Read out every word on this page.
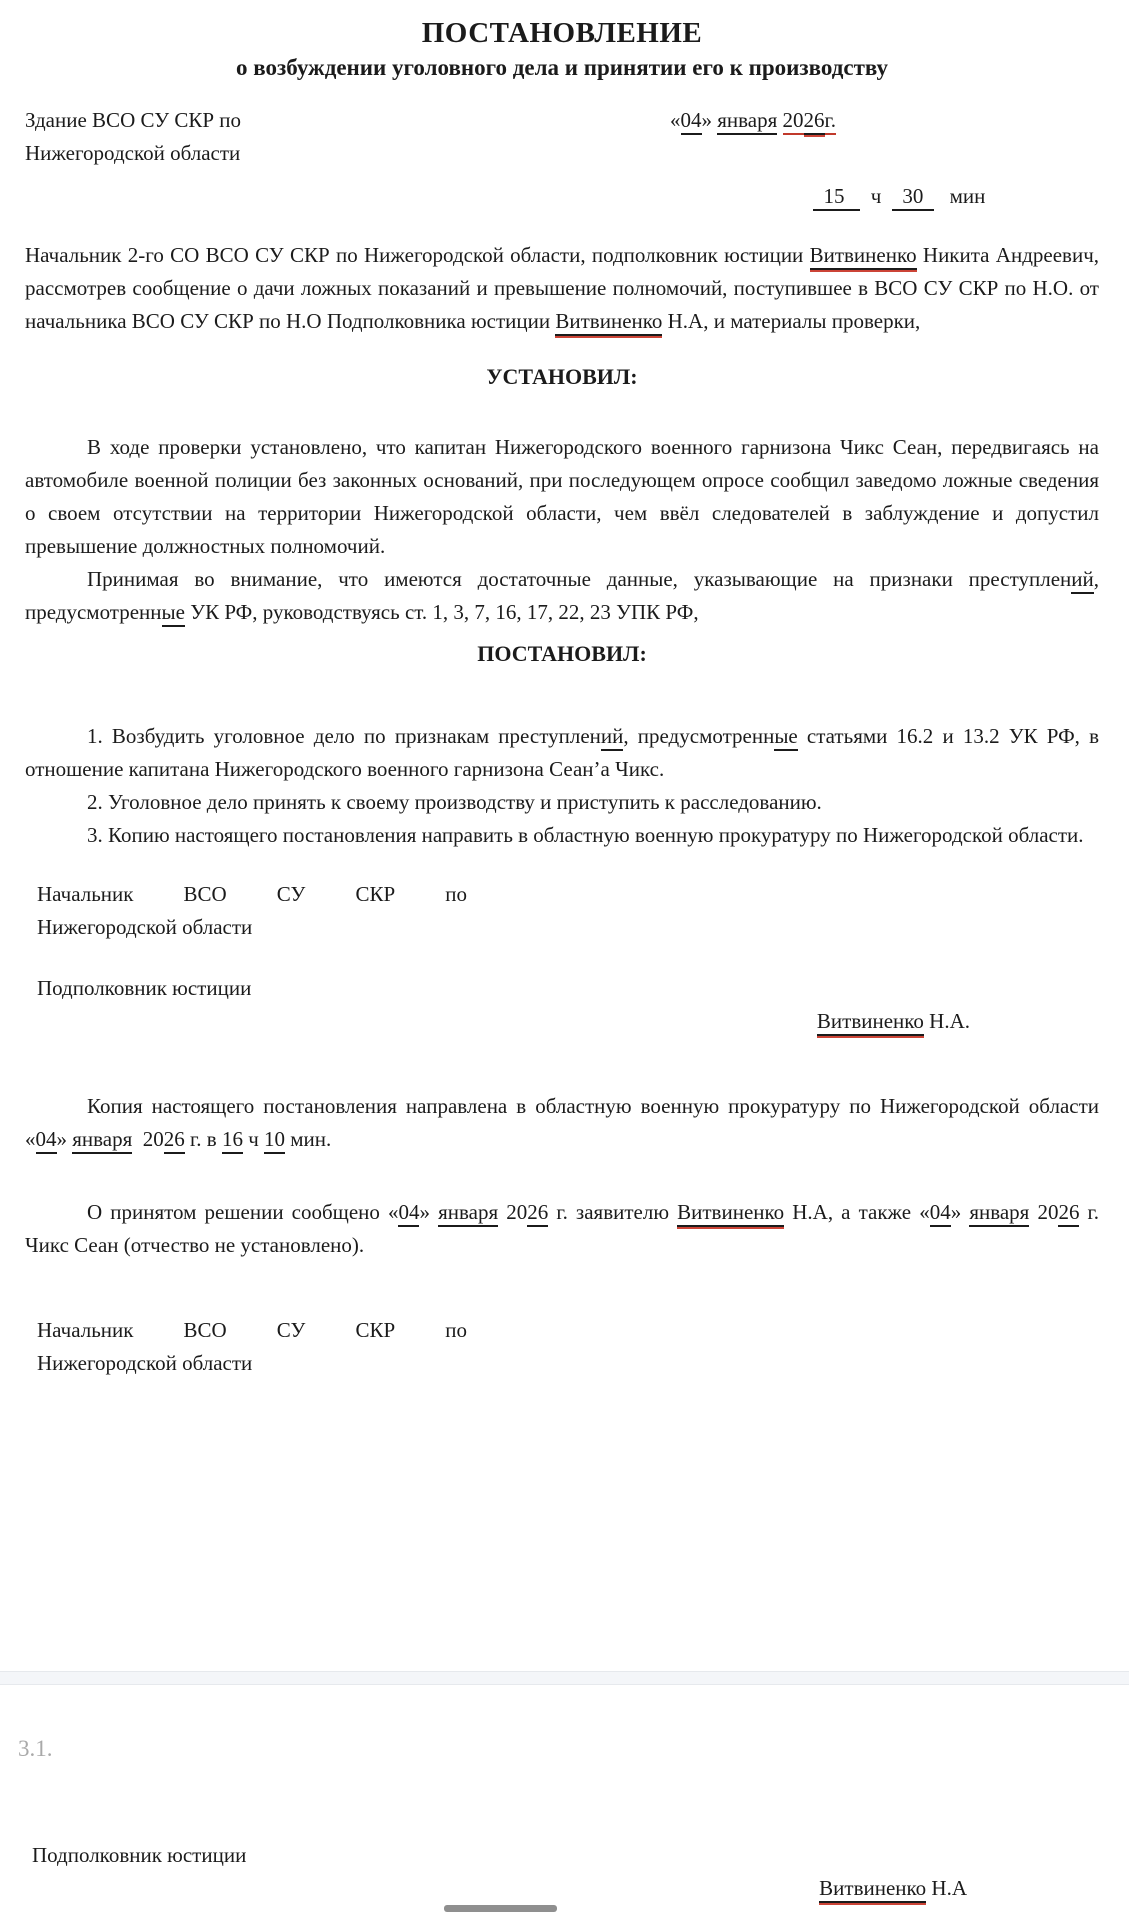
ПОСТАНОВЛЕНИЕ
о возбуждении уголовного дела и принятии его к производству
Здание ВСО СУ СКР по
Нижегородской области
«04» января 2026г.
15     ч    30     мин

Начальник 2-го СО ВСО СУ СКР по Нижегородской области, подполковник юстиции Витвиненко Никита Андреевич, рассмотрев сообщение о дачи ложных показаний и превышение полномочий, поступившее в ВСО СУ СКР по Н.О. от начальника ВСО СУ СКР по Н.О Подполковника юстиции Витвиненко Н.А, и материалы проверки,

УСТАНОВИЛ:

В ходе проверки установлено, что капитан Нижегородского военного гарнизона Чикс Сеан, передвигаясь на автомобиле военной полиции без законных оснований, при последующем опросе сообщил заведомо ложные сведения о своем отсутствии на территории Нижегородской области, чем ввёл следователей в заблуждение и допустил превышение должностных полномочий.

Принимая во внимание, что имеются достаточные данные, указывающие на признаки преступлений, предусмотренные УК РФ, руководствуясь ст. 1, 3, 7, 16, 17, 22, 23 УПК РФ,

ПОСТАНОВИЛ:

1. Возбудить уголовное дело по признакам преступлений, предусмотренные статьями 16.2 и 13.2 УК РФ, в отношение капитана Нижегородского военного гарнизона Сеан’а Чикс.

2. Уголовное дело принять к своему производству и приступить к расследованию.

3. Копию настоящего постановления направить в областную военную прокуратуру по Нижегородской области.

Начальник ВСО СУ СКР по
Нижегородской области
Подполковник юстиции
Витвиненко Н.А.

Копия настоящего постановления направлена в областную военную прокуратуру по Нижегородской области «04» января  2026 г. в 16 ч 10 мин.

О принятом решении сообщено «04» января 2026 г. заявителю Витвиненко Н.А, а также «04» января 2026 г. Чикс Сеан (отчество не установлено).

Начальник ВСО СУ СКР по
Нижегородской области

3.1.

Подполковник юстиции
Витвиненко Н.А
